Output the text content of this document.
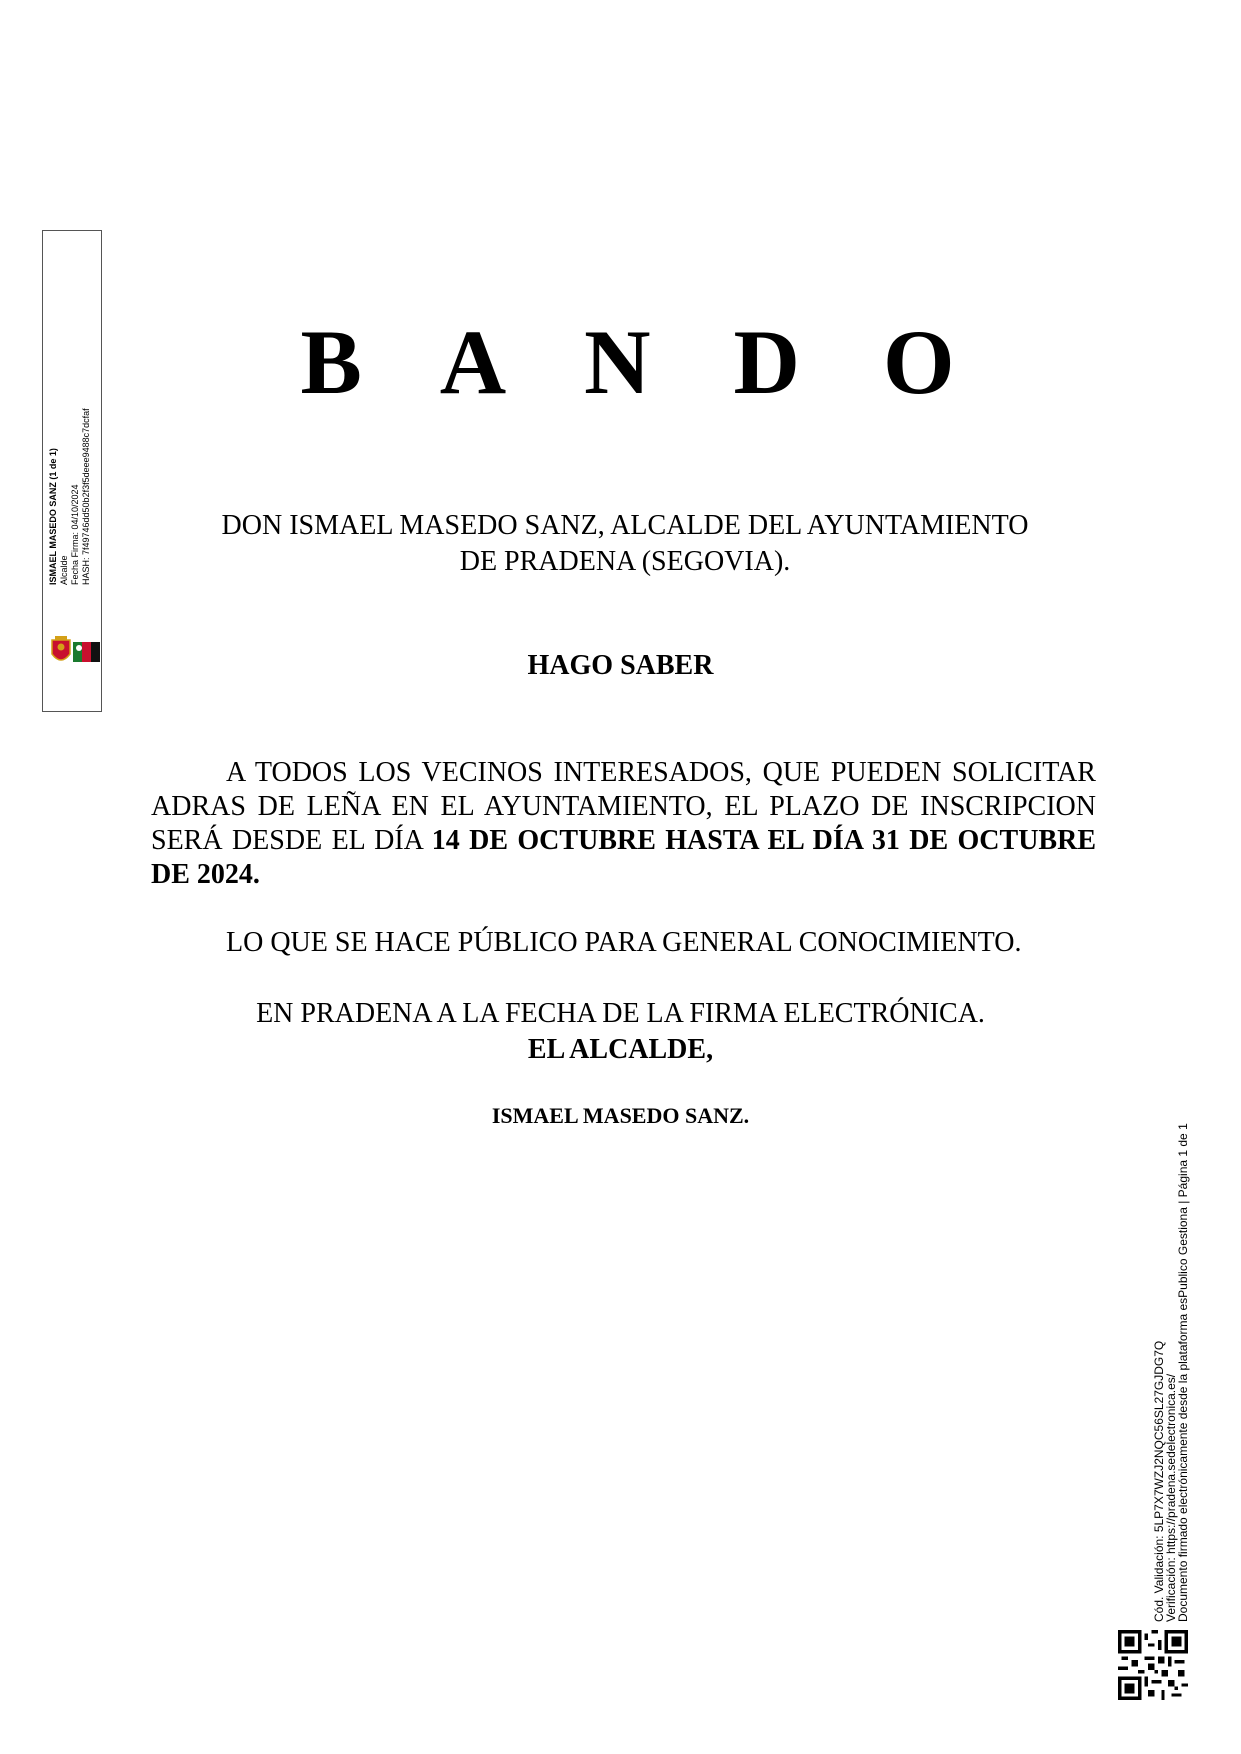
ISMAEL MASEDO SANZ (1 de 1) Alcalde Fecha Firma: 04/10/2024 HASH: 7f49746dd50b2f3f5deee9488c7dcfaf
B A N D O
DON ISMAEL MASEDO SANZ, ALCALDE DEL AYUNTAMIENTO
DE PRADENA (SEGOVIA).
HAGO SABER
A TODOS LOS VECINOS INTERESADOS, QUE PUEDEN SOLICITAR ADRAS DE LEÑA EN EL AYUNTAMIENTO, EL PLAZO DE INSCRIPCION SERÁ DESDE EL DÍA 14 DE OCTUBRE HASTA EL DÍA 31 DE OCTUBRE DE 2024.
LO QUE SE HACE PÚBLICO PARA GENERAL CONOCIMIENTO.
EN PRADENA A LA FECHA DE LA FIRMA ELECTRÓNICA.
EL ALCALDE,
ISMAEL MASEDO SANZ.
Cód. Validación: 5LP7X7WZJ2NQC56SL27GJDG7Q
Verificación: https://pradena.sedelectronica.es/
Documento firmado electrónicamente desde la plataforma esPublico Gestiona | Página 1 de 1
